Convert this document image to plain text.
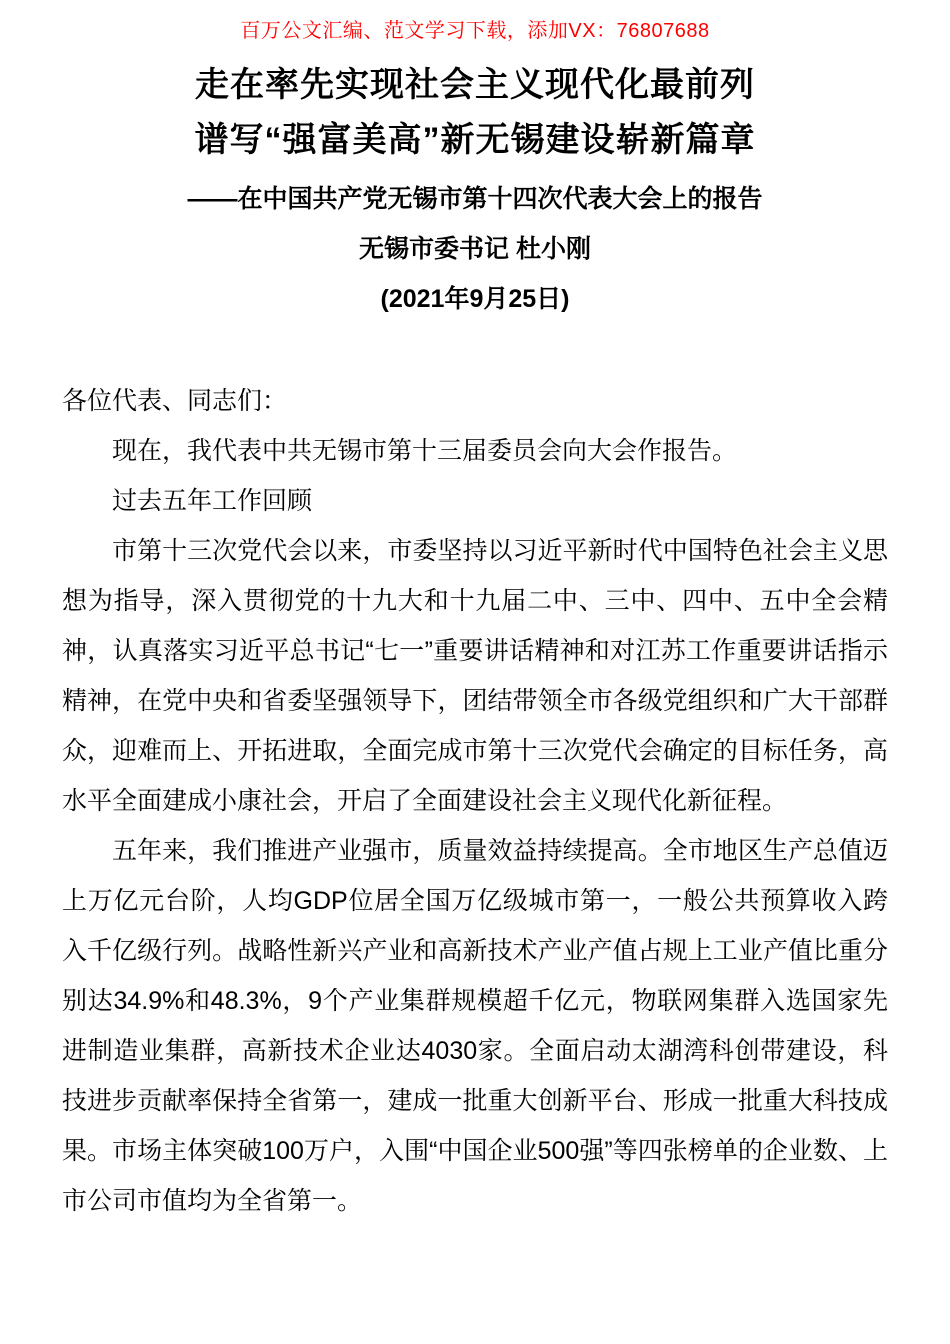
百万公文汇编、范文学习下载，添加VX：76807688
走在率先实现社会主义现代化最前列
谱写“强富美高”新无锡建设崭新篇章
——在中国共产党无锡市第十四次代表大会上的报告
无锡市委书记 杜小刚
(2021年9月25日)

各位代表、同志们：

现在，我代表中共无锡市第十三届委员会向大会作报告。

过去五年工作回顾

市第十三次党代会以来，市委坚持以习近平新时代中国特色社会主义思想为指导，深入贯彻党的十九大和十九届二中、三中、四中、五中全会精神，认真落实习近平总书记“七一”重要讲话精神和对江苏工作重要讲话指示精神，在党中央和省委坚强领导下，团结带领全市各级党组织和广大干部群众，迎难而上、开拓进取，全面完成市第十三次党代会确定的目标任务，高水平全面建成小康社会，开启了全面建设社会主义现代化新征程。

五年来，我们推进产业强市，质量效益持续提高。全市地区生产总值迈上万亿元台阶，人均GDP位居全国万亿级城市第一，一般公共预算收入跨入千亿级行列。战略性新兴产业和高新技术产业产值占规上工业产值比重分别达34.9%和48.3%，9个产业集群规模超千亿元，物联网集群入选国家先进制造业集群，高新技术企业达4030家。全面启动太湖湾科创带建设，科技进步贡献率保持全省第一，建成一批重大创新平台、形成一批重大科技成果。市场主体突破100万户，入围“中国企业500强”等四张榜单的企业数、上市公司市值均为全省第一。
